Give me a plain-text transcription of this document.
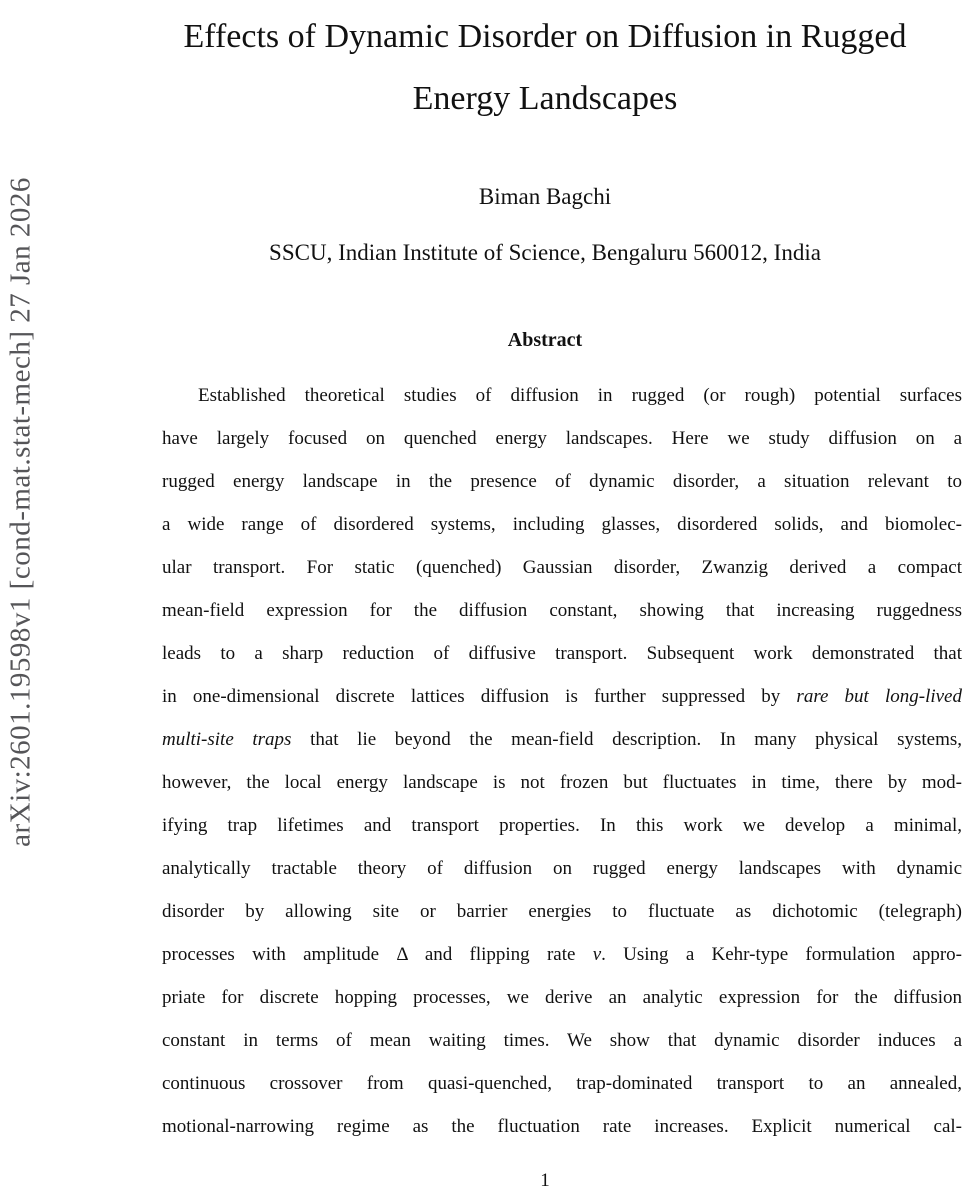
arXiv:2601.19598v1 [cond-mat.stat-mech] 27 Jan 2026
Effects of Dynamic Disorder on Diffusion in Rugged
Energy Landscapes
Biman Bagchi
SSCU, Indian Institute of Science, Bengaluru 560012, India
Abstract
Established theoretical studies of diffusion in rugged (or rough) potential surfaces
have largely focused on quenched energy landscapes. Here we study diffusion on a
rugged energy landscape in the presence of dynamic disorder, a situation relevant to
a wide range of disordered systems, including glasses, disordered solids, and biomolec-
ular transport. For static (quenched) Gaussian disorder, Zwanzig derived a compact
mean-field expression for the diffusion constant, showing that increasing ruggedness
leads to a sharp reduction of diffusive transport. Subsequent work demonstrated that
in one-dimensional discrete lattices diffusion is further suppressed by rare but long-lived
multi-site traps that lie beyond the mean-field description. In many physical systems,
however, the local energy landscape is not frozen but fluctuates in time, there by mod-
ifying trap lifetimes and transport properties. In this work we develop a minimal,
analytically tractable theory of diffusion on rugged energy landscapes with dynamic
disorder by allowing site or barrier energies to fluctuate as dichotomic (telegraph)
processes with amplitude Δ and flipping rate ν. Using a Kehr-type formulation appro-
priate for discrete hopping processes, we derive an analytic expression for the diffusion
constant in terms of mean waiting times. We show that dynamic disorder induces a
continuous crossover from quasi-quenched, trap-dominated transport to an annealed,
motional-narrowing regime as the fluctuation rate increases. Explicit numerical cal-
1
